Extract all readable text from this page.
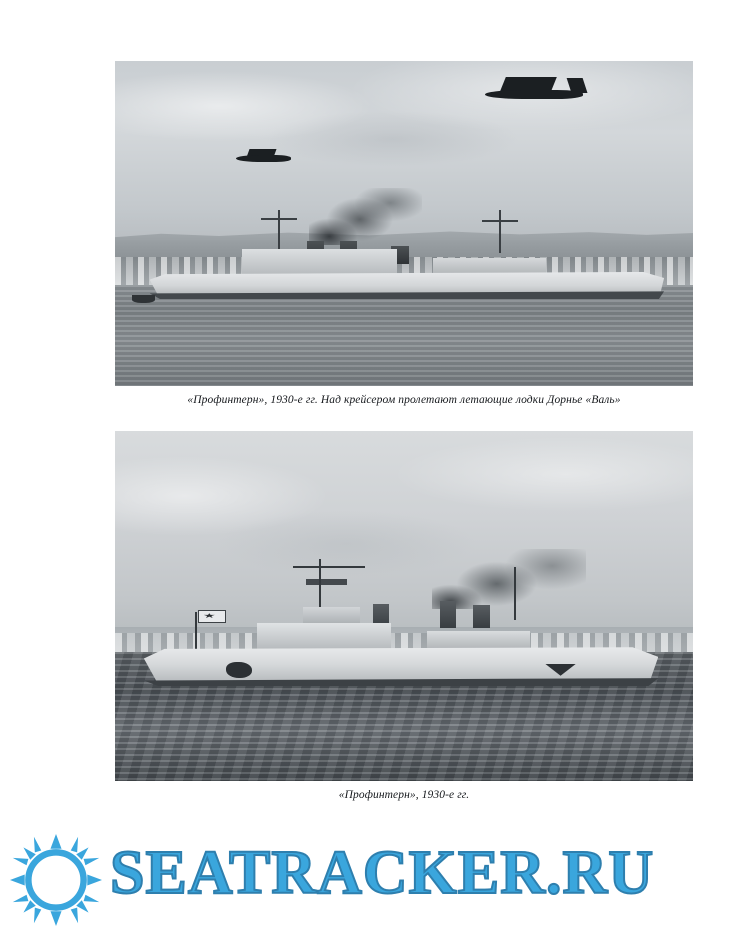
«Профинтерн», 1930-е гг. Над крейсером пролетают летающие лодки Дорнье «Валь»
«Профинтерн», 1930-е гг.
SEATRACKER.RU
